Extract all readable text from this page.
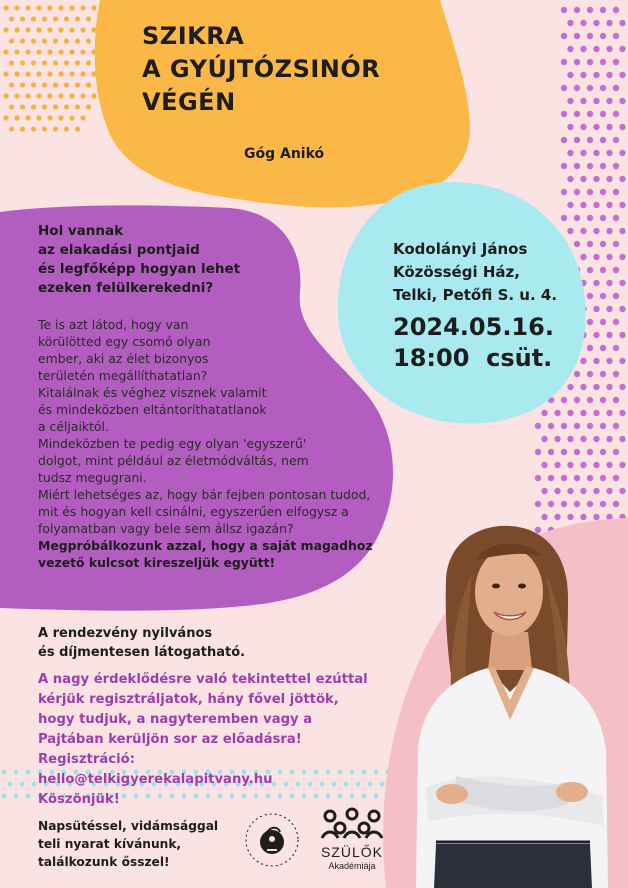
SZIKRA
A GYÚJTÓZSINÓR
VÉGÉN
Góg Anikó
Hol vannak
az elakadási pontjaid
és legfőképp hogyan lehet
ezeken felülkerekedni?
Te is azt látod, hogy van
körülötted egy csomó olyan
ember, aki az élet bizonyos
területén megállíthatatlan?
Kitalálnak és véghez visznek valamit
és mindeközben eltántoríthatatlanok
a céljaiktól.
Mindeközben te pedig egy olyan 'egyszerű'
dolgot, mint például az életmódváltás, nem
tudsz megugrani.
Miért lehetséges az, hogy bár fejben pontosan tudod,
mit és hogyan kell csinálni, egyszerűen elfogysz a
folyamatban vagy bele sem állsz igazán?
Megpróbálkozunk azzal, hogy a saját magadhoz
vezető kulcsot kireszeljük együtt!
Kodolányi János
Közösségi Ház,
Telki, Petőfi S. u. 4.
2024.05.16.
18:00  csüt.
A rendezvény nyilvános
és díjmentesen látogatható.
A nagy érdeklődésre való tekintettel ezúttal
kérjük regisztráljatok, hány fővel jöttök,
hogy tudjuk, a nagyteremben vagy a
Pajtában kerüljön sor az előadásra!
Regisztráció:
hello@telkigyerekalapitvany.hu
Köszönjük!
Napsütéssel, vidámsággal
teli nyarat kívánunk,
találkozunk ősszel!
SZÜLŐK
Akadémiája
